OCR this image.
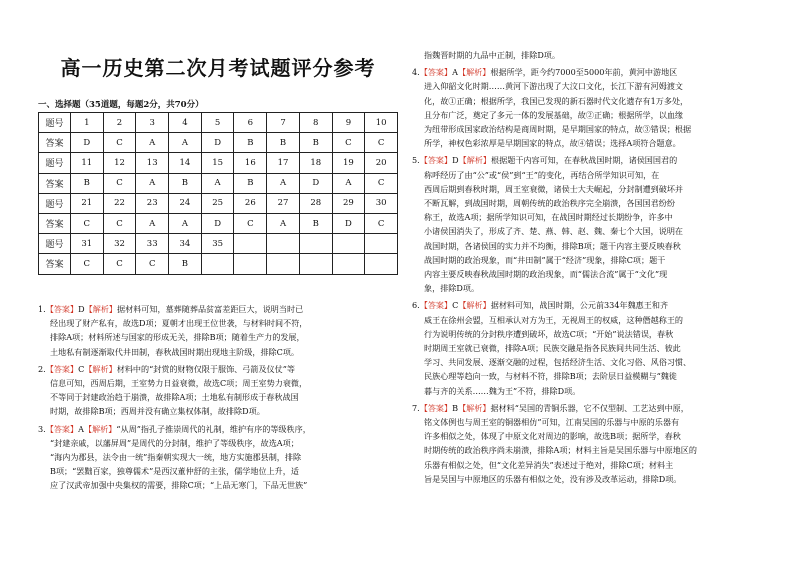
高一历史第二次月考试题评分参考
一、选择题（35道题，每题2分，共70分）
题号	1	2	3	4	5	6	7	8	9	10
答案	D	C	A	A	D	B	B	B	C	C
题号	11	12	13	14	15	16	17	18	19	20
答案	B	C	A	B	A	B	A	D	A	C
题号	21	22	23	24	25	26	27	28	29	30
答案	C	C	A	A	D	C	A	B	D	C
题号	31	32	33	34	35					
答案	C	C	C	B						
1.【答案】D【解析】据材料可知，墓葬随葬品贫富差距巨大，说明当时已
经出现了财产私有，故选D项；夏朝才出现王位世袭，与材料时间不符，
排除A项；材料所述与国家的形成无关，排除B项；随着生产力的发展，
土地私有制逐渐取代井田制，春秋战国时期出现地主阶级，排除C项。
2.【答案】C【解析】材料中的“封赏的财物仅限于服饰、弓箭及仪仗”等
信息可知，西周后期，王室势力日益衰微，故选C项；周王室势力衰微，
不等同于封建政治趋于崩溃，故排除A项；土地私有制形成于春秋战国
时期，故排除B项；西周并没有确立集权体制，故排除D项。
3.【答案】A【解析】“从周”指孔子推崇周代的礼制，维护有序的等级秩序，
“封建亲戚，以藩屏周”是周代的分封制，维护了等级秩序，故选A项；
“海内为郡县，法令由一统”指秦朝实现大一统，地方实施郡县制，排除
B项；“罢黜百家，独尊儒术”是西汉董仲舒的主张，儒学地位上升，适
应了汉武帝加强中央集权的需要，排除C项；“上品无寒门，下品无世族”
指魏晋时期的九品中正制，排除D项。
4.【答案】A【解析】根据所学，距今约7000至5000年前，黄河中游地区
进入仰韶文化时期……黄河下游出现了大汶口文化，长江下游有河姆渡文
化，故①正确；根据所学，我国已发现的新石器时代文化遗存有1万多处，
且分布广泛，奠定了多元一体的发展基础，故②正确；根据所学，以血缘
为纽带形成国家政治结构是商周时期，是早期国家的特点，故③错误；根据
所学，神权色彩浓厚是早期国家的特点，故④错误；选择A项符合题意。
5.【答案】D【解析】根据题干内容可知，在春秋战国时期，诸侯国国君的
称呼经历了由“公”或“侯”到“王”的变化，再结合所学知识可知，在
西周后期到春秋时期，周王室衰微，诸侯士大夫崛起，分封制遭到破坏并
不断瓦解，到战国时期，周朝传统的政治秩序完全崩溃，各国国君纷纷
称王，故选A项；据所学知识可知，在战国时期经过长期纷争，许多中
小诸侯国消失了，形成了齐、楚、燕、韩、赵、魏、秦七个大国，说明在
战国时期，各诸侯国的实力并不均衡，排除B项；题干内容主要反映春秋
战国时期的政治现象，而“井田制”属于“经济”现象，排除C项；题干
内容主要反映春秋战国时期的政治现象，而“儒法合流”属于“文化”现
象，排除D项。
6.【答案】C【解析】据材料可知，战国时期，公元前334年魏惠王和齐
威王在徐州会盟，互相承认对方为王，无视周王的权威，这种僭越称王的
行为说明传统的分封秩序遭到破坏，故选C项；“开始”说法错误，春秋
时期周王室就已衰微，排除A项；民族交融是指各民族间共同生活、彼此
学习、共同发展、逐渐交融的过程，包括经济生活、文化习俗、风俗习惯、
民族心理等趋向一致，与材料不符，排除B项；去阶层日益模糊与“魏徙
暮与齐的关系……魏为王”不符，排除D项。
7.【答案】B【解析】据材料“吴国的青铜乐器，它不仅型制、工艺达到中原，
铭文体例也与周王室的铜器相仿”可知，江南吴国的乐器与中原的乐器有
许多相似之处，体现了中原文化对周边的影响，故选B项；据所学，春秋
时期传统的政治秩序尚未崩溃，排除A项；材料主旨是吴国乐器与中原地区的
乐器有相似之处，但“文化差异消失”表述过于绝对，排除C项；材料主
旨是吴国与中原地区的乐器有相似之处，没有涉及改革运动，排除D项。
